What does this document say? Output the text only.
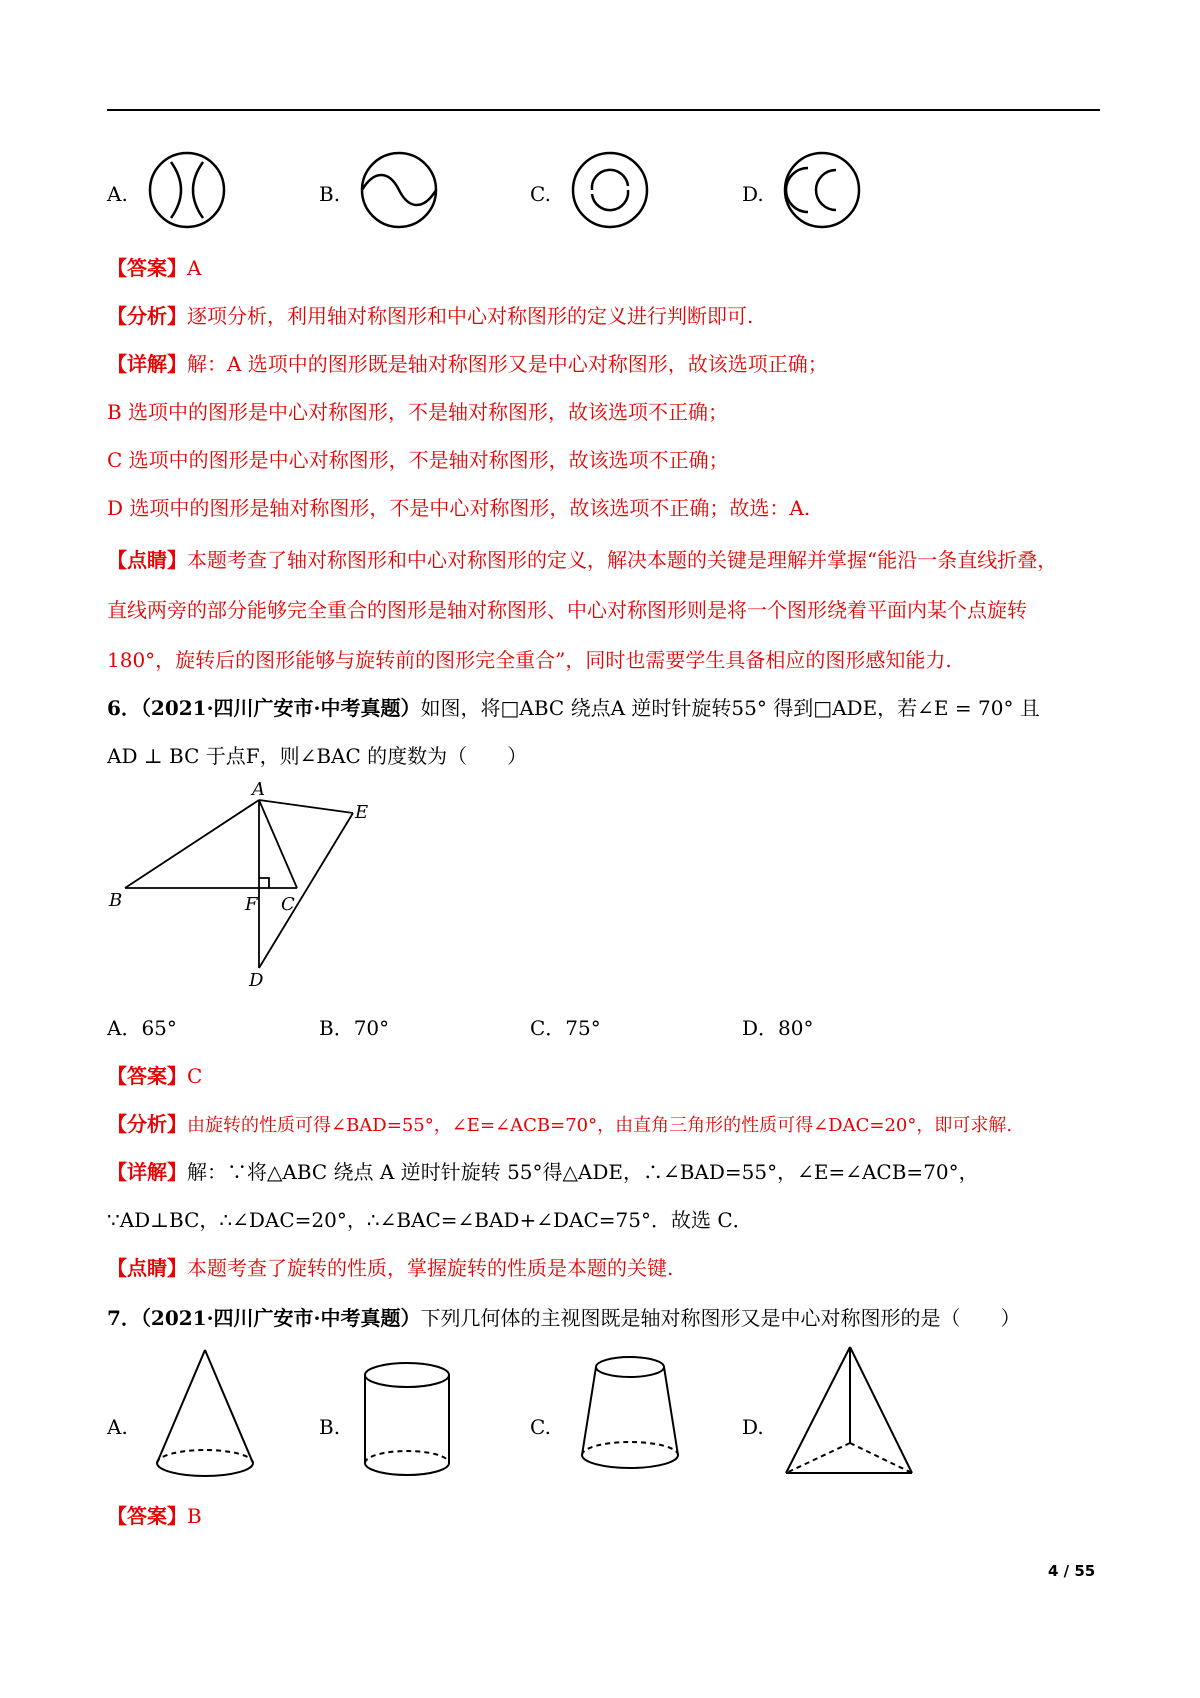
A.	B.	C.	D.
【答案】A
【分析】逐项分析，利用轴对称图形和中心对称图形的定义进行判断即可.
【详解】解：A 选项中的图形既是轴对称图形又是中心对称图形，故该选项正确；
B 选项中的图形是中心对称图形，不是轴对称图形，故该选项不正确；
C 选项中的图形是中心对称图形，不是轴对称图形，故该选项不正确；
D 选项中的图形是轴对称图形，不是中心对称图形，故该选项不正确；故选：A.
【点睛】本题考查了轴对称图形和中心对称图形的定义，解决本题的关键是理解并掌握“能沿一条直线折叠，
直线两旁的部分能够完全重合的图形是轴对称图形、中心对称图形则是将一个图形绕着平面内某个点旋转
180°，旋转后的图形能够与旋转前的图形完全重合”，同时也需要学生具备相应的图形感知能力.
6．（2021·四川广安市·中考真题）如图，将□ABC 绕点A 逆时针旋转55° 得到□ADE，若∠E = 70° 且
AD ⊥ BC 于点F，则∠BAC 的度数为（　　）
A
B	C
D
E
F
A．65°	B．70°	C．75°	D．80°
【答案】C
【分析】由旋转的性质可得∠BAD=55°，∠E=∠ACB=70°，由直角三角形的性质可得∠DAC=20°，即可求解.
【详解】解：∵将△ABC 绕点 A 逆时针旋转 55°得△ADE，∴∠BAD=55°，∠E=∠ACB=70°，
∵AD⊥BC，∴∠DAC=20°，∴∠BAC=∠BAD+∠DAC=75°．故选 C．
【点睛】本题考查了旋转的性质，掌握旋转的性质是本题的关键.
7．（2021·四川广安市·中考真题）下列几何体的主视图既是轴对称图形又是中心对称图形的是（　　）
A.	B.	C.	D.
【答案】B
4 / 55
